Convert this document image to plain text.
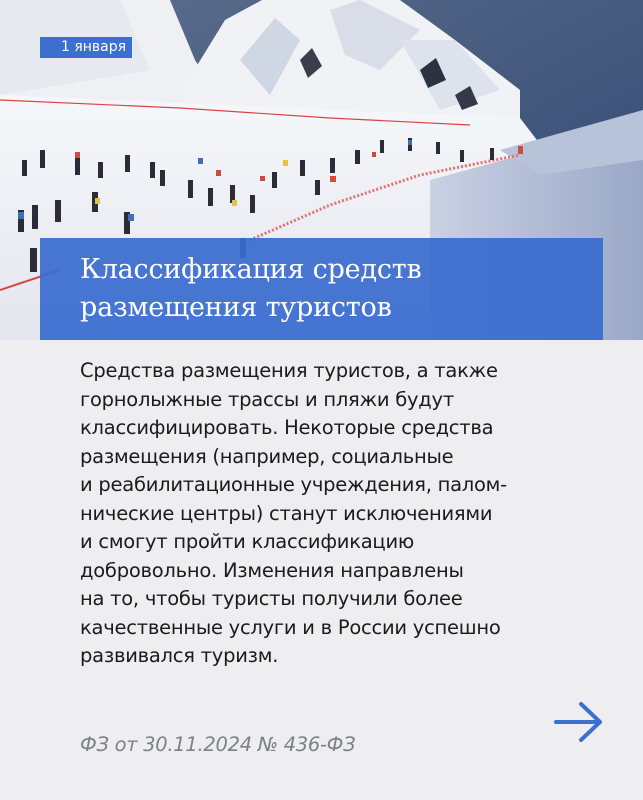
1 января
Классификация средств
размещения туристов

Средства размещения туристов, а также
горнолыжные трассы и пляжи будут
классифицировать. Некоторые средства
размещения (например, социальные
и реабилитационные учреждения, палом-
нические центры) станут исключениями
и смогут пройти классификацию
добровольно. Изменения направлены
на то, чтобы туристы получили более
качественные услуги и в России успешно
развивался туризм.

ФЗ от 30.11.2024 № 436-ФЗ
